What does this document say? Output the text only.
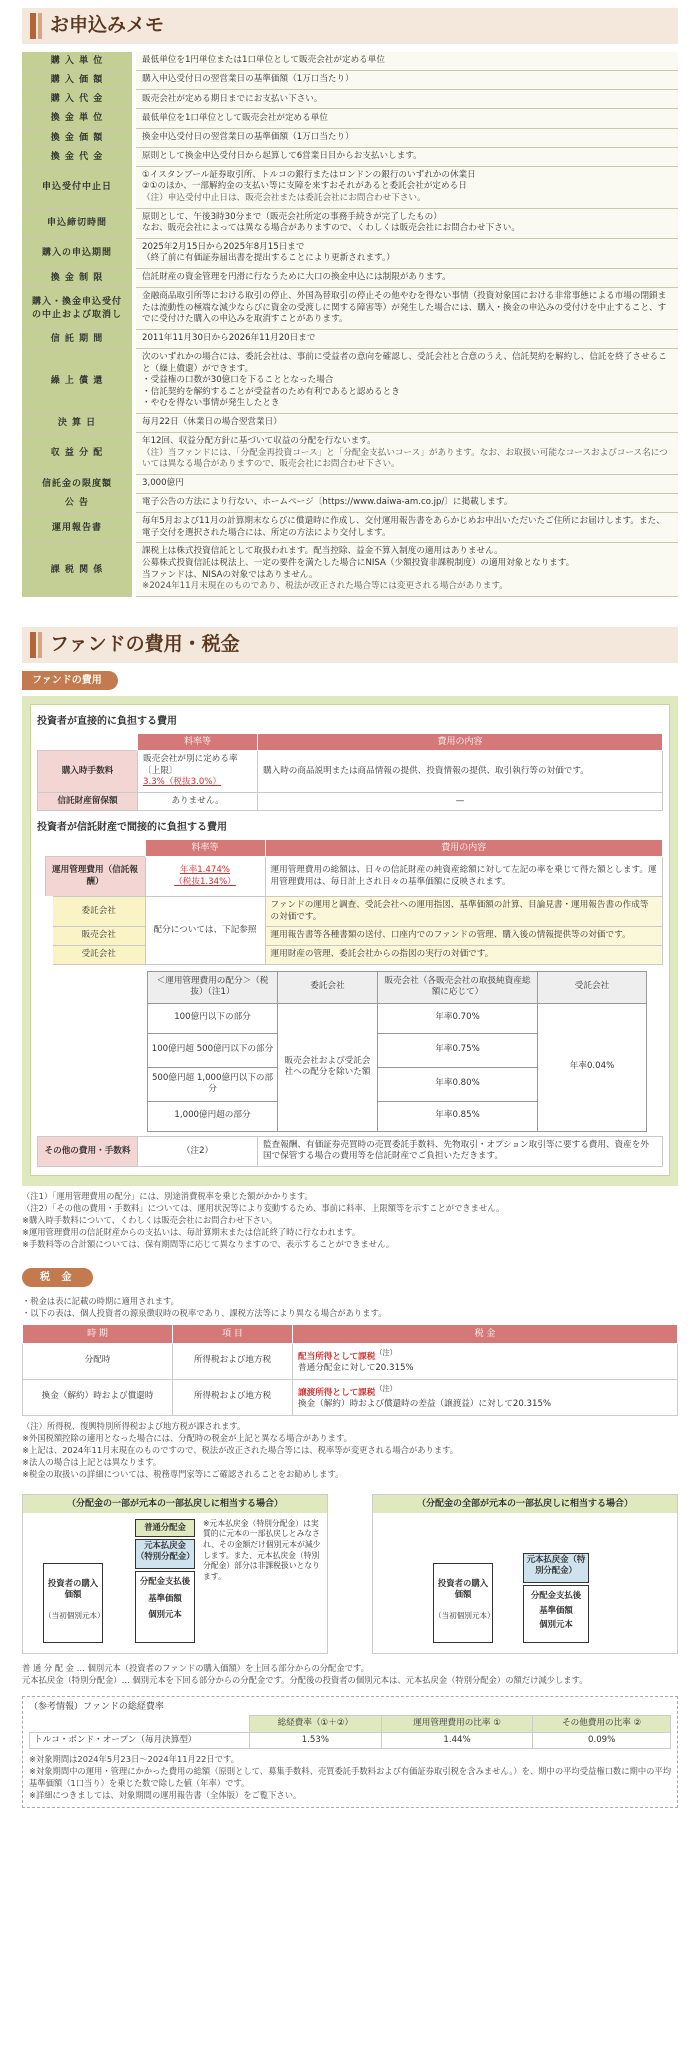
お申込みメモ
購 入 単 位	最低単位を1円単位または1口単位として販売会社が定める単位

購 入 価 額	購入申込受付日の翌営業日の基準価額（1万口当たり）

購 入 代 金	販売会社が定める期日までにお支払い下さい。

換 金 単 位	最低単位を1口単位として販売会社が定める単位

換 金 価 額	換金申込受付日の翌営業日の基準価額（1万口当たり）

換 金 代 金	原則として換金申込受付日から起算して6営業日目からお支払いします。

申込受付中止日	①イスタンブール証券取引所、トルコの銀行またはロンドンの銀行のいずれかの休業日
②①のほか、一部解約金の支払い等に支障を来すおそれがあると委託会社が定める日
（注）申込受付中止日は、販売会社または委託会社にお問合わせ下さい。

申込締切時間	原則として、午後3時30分まで（販売会社所定の事務手続きが完了したもの）
なお、販売会社によっては異なる場合がありますので、くわしくは販売会社にお問合わせ下さい。

購入の申込期間	2025年2月15日から2025年8月15日まで
（終了前に有価証券届出書を提出することにより更新されます。）

換 金 制 限	信託財産の資金管理を円滑に行なうために大口の換金申込には制限があります。

購入・換金申込受付の中止および取消し	金融商品取引所等における取引の停止、外国為替取引の停止その他やむを得ない事情（投資対象国における非常事態による市場の閉鎖または流動性の極端な減少ならびに資金の受渡しに関する障害等）が発生した場合には、購入・換金の申込みの受付けを中止すること、すでに受付けた購入の申込みを取消すことがあります。

信 託 期 間	2011年11月30日から2026年11月20日まで

繰 上 償 還	次のいずれかの場合には、委託会社は、事前に受益者の意向を確認し、受託会社と合意のうえ、信託契約を解約し、信託を終了させること（繰上償還）ができます。
・受益権の口数が30億口を下ることとなった場合
・信託契約を解約することが受益者のため有利であると認めるとき
・やむを得ない事情が発生したとき

決 算 日	毎月22日（休業日の場合翌営業日）

収 益 分 配	年12回、収益分配方針に基づいて収益の分配を行ないます。
（注）当ファンドには、「分配金再投資コース」と「分配金支払いコース」があります。なお、お取扱い可能なコースおよびコース名については異なる場合がありますので、販売会社にお問合わせ下さい。

信託金の限度額	3,000億円

公 告	電子公告の方法により行ない、ホームページ〔https://www.daiwa-am.co.jp/〕に掲載します。

運用報告書	毎年5月および11月の計算期末ならびに償還時に作成し、交付運用報告書をあらかじめお申出いただいたご住所にお届けします。また、電子交付を選択された場合には、所定の方法により交付します。

課 税 関 係	課税上は株式投資信託として取扱われます。配当控除、益金不算入制度の適用はありません。
公募株式投資信託は税法上、一定の要件を満たした場合にNISA（少額投資非課税制度）の適用対象となります。
当ファンドは、NISAの対象ではありません。
※2024年11月末現在のものであり、税法が改正された場合等には変更される場合があります。
ファンドの費用・税金
ファンドの費用
投資者が直接的に負担する費用
	料率等	費用の内容
購入時手数料	販売会社が別に定める率
〔上限〕3.3%（税抜3.0%）	購入時の商品説明または商品情報の提供、投資情報の提供、取引執行等の対価です。
信託財産留保額	ありません。	—
投資者が信託財産で間接的に負担する費用
	料率等	費用の内容
運用管理費用（信託報酬）	年率1.474%
（税抜1.34%）	運用管理費用の総額は、日々の信託財産の純資産総額に対して左記の率を乗じて得た額とします。運用管理費用は、毎日計上され日々の基準価額に反映されます。
委託会社	配分については、下記参照	ファンドの運用と調査、受託会社への運用指図、基準価額の計算、目論見書・運用報告書の作成等の対価です。
販売会社		運用報告書等各種書類の送付、口座内でのファンドの管理、購入後の情報提供等の対価です。
受託会社		運用財産の管理、委託会社からの指図の実行の対価です。
＜運用管理費用の配分＞（税抜）（注1）	委託会社	販売会社（各販売会社の取扱純資産総額に応じて）	受託会社
100億円以下の部分	販売会社および受託会社への配分を除いた額	年率0.70%	年率0.04%
100億円超 500億円以下の部分		年率0.75%	
500億円超 1,000億円以下の部分		年率0.80%	
1,000億円超の部分		年率0.85%	
その他の費用・手数料	（注2）	監査報酬、有価証券売買時の売買委託手数料、先物取引・オプション取引等に要する費用、資産を外国で保管する場合の費用等を信託財産でご負担いただきます。
（注1）「運用管理費用の配分」には、別途消費税率を乗じた額がかかります。
（注2）「その他の費用・手数料」については、運用状況等により変動するため、事前に料率、上限額等を示すことができません。
※購入時手数料について、くわしくは販売会社にお問合わせ下さい。
※運用管理費用の信託財産からの支払いは、毎計算期末または信託終了時に行なわれます。
※手数料等の合計額については、保有期間等に応じて異なりますので、表示することができません。
税 金
・税金は表に記載の時期に適用されます。
・以下の表は、個人投資者の源泉徴収時の税率であり、課税方法等により異なる場合があります。
時 期	項 目	税 金
分配時	所得税および地方税	配当所得として課税$^{(注)}$
普通分配金に対して20.315%
換金（解約）時および償還時	所得税および地方税	譲渡所得として課税$^{(注)}$
換金（解約）時および償還時の差益（譲渡益）に対して20.315%
（注）所得税、復興特別所得税および地方税が課されます。
※外国税額控除の適用となった場合には、分配時の税金が上記と異なる場合があります。
※上記は、2024年11月末現在のものですので、税法が改正された場合等には、税率等が変更される場合があります。
※法人の場合は上記とは異なります。
※税金の取扱いの詳細については、税務専門家等にご確認されることをお勧めします。
（分配金の一部が元本の一部払戻しに相当する場合）
投資者の購入価額
（当初個別元本）
普通分配金
元本払戻金（特別分配金）
分配金支払後
基準価額
個別元本
※元本払戻金（特別分配金）は実質的に元本の一部払戻しとみなされ、その金額だけ個別元本が減少します。また、元本払戻金（特別分配金）部分は非課税扱いとなります。
（分配金の全部が元本の一部払戻しに相当する場合）
投資者の購入価額
（当初個別元本）
元本払戻金（特別分配金）
分配金支払後
基準価額
個別元本
普 通 分 配 金 … 個別元本（投資者のファンドの購入価額）を上回る部分からの分配金です。
元本払戻金（特別分配金）… 個別元本を下回る部分からの分配金です。分配後の投資者の個別元本は、元本払戻金（特別分配金）の額だけ減少します。
（参考情報）ファンドの総経費率
	総経費率（①＋②）	運用管理費用の比率 ①	その他費用の比率 ②
トルコ・ボンド・オープン（毎月決算型）	1.53%	1.44%	0.09%
※対象期間は2024年5月23日～2024年11月22日です。
※対象期間中の運用・管理にかかった費用の総額（原則として、募集手数料、売買委託手数料および有価証券取引税を含みません。）を、期中の平均受益権口数に期中の平均基準価額（1口当り）を乗じた数で除した値（年率）です。
※詳細につきましては、対象期間の運用報告書（全体版）をご覧下さい。
